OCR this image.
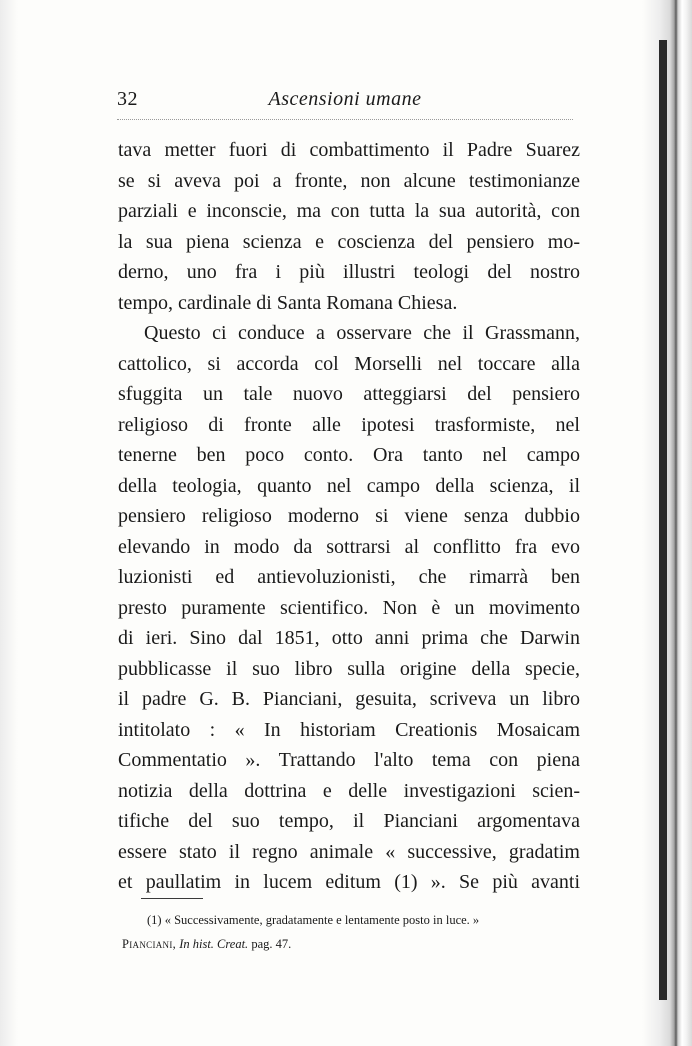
32	Ascensioni umane
tava metter fuori di combattimento il Padre Suarez
se si aveva poi a fronte, non alcune testimonianze
parziali e inconscie, ma con tutta la sua autorità, con
la sua piena scienza e coscienza del pensiero mo-
derno, uno fra i più illustri teologi del nostro
tempo, cardinale di Santa Romana Chiesa.
Questo ci conduce a osservare che il Grassmann,
cattolico, si accorda col Morselli nel toccare alla
sfuggita un tale nuovo atteggiarsi del pensiero
religioso di fronte alle ipotesi trasformiste, nel
tenerne ben poco conto. Ora tanto nel campo
della teologia, quanto nel campo della scienza, il
pensiero religioso moderno si viene senza dubbio
elevando in modo da sottrarsi al conflitto fra evo
luzionisti ed antievoluzionisti, che rimarrà ben
presto puramente scientifico. Non è un movimento
di ieri. Sino dal 1851, otto anni prima che Darwin
pubblicasse il suo libro sulla origine della specie,
il padre G. B. Pianciani, gesuita, scriveva un libro
intitolato : « In historiam Creationis Mosaicam
Commentatio ». Trattando l'alto tema con piena
notizia della dottrina e delle investigazioni scien-
tifiche del suo tempo, il Pianciani argomentava
essere stato il regno animale « successive, gradatim
et paullatim in lucem editum (1) ». Se più avanti
(1) « Successivamente, gradatamente e lentamente posto in luce. »
Pianciani, In hist. Creat. pag. 47.
